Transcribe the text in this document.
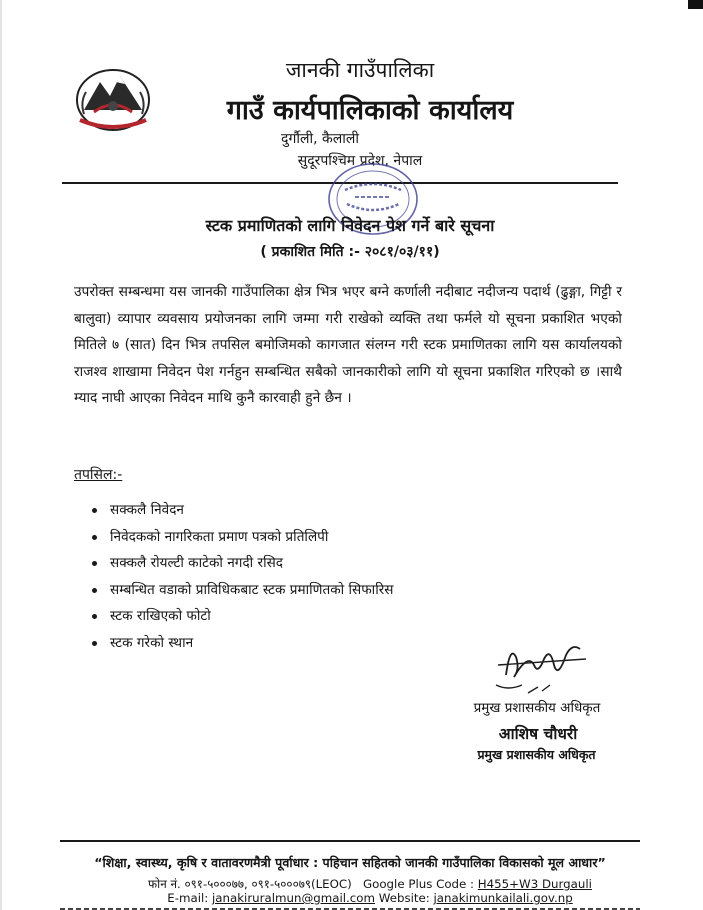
जानकी गाउँपालिका
गाउँ कार्यपालिकाको कार्यालय
दुर्गौली, कैलाली
सुदूरपश्चिम प्रदेश, नेपाल
स्टक प्रमाणितको लागि निवेदन पेश गर्ने बारे सूचना
( प्रकाशित मिति :- २०८१/०३/११)
उपरोक्त सम्बन्धमा यस जानकी गाउँपालिका क्षेत्र भित्र भएर बग्ने कर्णाली नदीबाट नदीजन्य पदार्थ (ढुङ्गा, गिट्टी र बालुवा) व्यापार व्यवसाय प्रयोजनका लागि जम्मा गरी राखेको व्यक्ति तथा फर्मले यो सूचना प्रकाशित भएको मितिले ७ (सात) दिन भित्र तपसिल बमोजिमको कागजात संलग्न गरी स्टक प्रमाणितका लागि यस कार्यालयको राजश्व शाखामा निवेदन पेश गर्नहुन सम्बन्धित सबैको जानकारीको लागि यो सूचना प्रकाशित गरिएको छ ।साथै म्याद नाघी आएका निवेदन माथि कुनै कारवाही हुने छैन ।
तपसिल:-
सक्कलै निवेदन
निवेदकको नागरिकता प्रमाण पत्रको प्रतिलिपी
सक्कलै रोयल्टी काटेको नगदी रसिद
सम्बन्धित वडाको प्राविधिकबाट स्टक प्रमाणितको सिफारिस
स्टक राखिएको फोटो
स्टक गरेको स्थान
प्रमुख प्रशासकीय अधिकृत
आशिष चौधरी
प्रमुख प्रशासकीय अधिकृत
“शिक्षा, स्वास्थ्य, कृषि र वातावरणमैत्री पूर्वाधार : पहिचान सहितको जानकी गाउँपालिका विकासको मूल आधार”
फोन नं. ०९१-५०००७७, ०९१-५०००७९(LEOC) Google Plus Code : H455+W3 Durgauli
E-mail: janakiruralmun@gmail.com Website: janakimunkailali.gov.np
